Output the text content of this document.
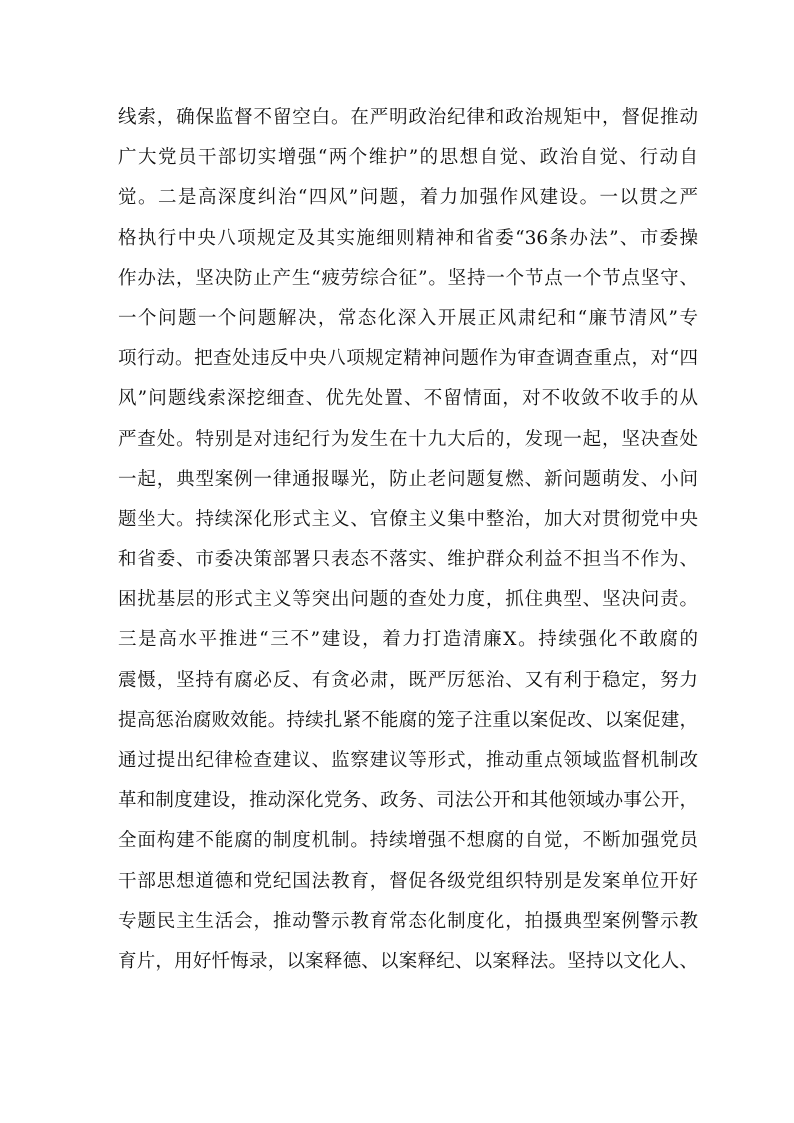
线索，确保监督不留空白。在严明政治纪律和政治规矩中，督促推动
广大党员干部切实增强“两个维护”的思想自觉、政治自觉、行动自
觉。二是高深度纠治“四风”问题，着力加强作风建设。一以贯之严
格执行中央八项规定及其实施细则精神和省委“36条办法”、市委操
作办法，坚决防止产生“疲劳综合征”。坚持一个节点一个节点坚守、
一个问题一个问题解决，常态化深入开展正风肃纪和“廉节清风”专
项行动。把查处违反中央八项规定精神问题作为审查调查重点，对“四
风”问题线索深挖细查、优先处置、不留情面，对不收敛不收手的从
严查处。特别是对违纪行为发生在十九大后的，发现一起，坚决查处
一起，典型案例一律通报曝光，防止老问题复燃、新问题萌发、小问
题坐大。持续深化形式主义、官僚主义集中整治，加大对贯彻党中央
和省委、市委决策部署只表态不落实、维护群众利益不担当不作为、
困扰基层的形式主义等突出问题的查处力度，抓住典型、坚决问责。
三是高水平推进“三不”建设，着力打造清廉X。持续强化不敢腐的
震慑，坚持有腐必反、有贪必肃，既严厉惩治、又有利于稳定，努力
提高惩治腐败效能。持续扎紧不能腐的笼子注重以案促改、以案促建，
通过提出纪律检查建议、监察建议等形式，推动重点领域监督机制改
革和制度建设，推动深化党务、政务、司法公开和其他领域办事公开，
全面构建不能腐的制度机制。持续增强不想腐的自觉，不断加强党员
干部思想道德和党纪国法教育，督促各级党组织特别是发案单位开好
专题民主生活会，推动警示教育常态化制度化，拍摄典型案例警示教
育片，用好忏悔录，以案释德、以案释纪、以案释法。坚持以文化人、
